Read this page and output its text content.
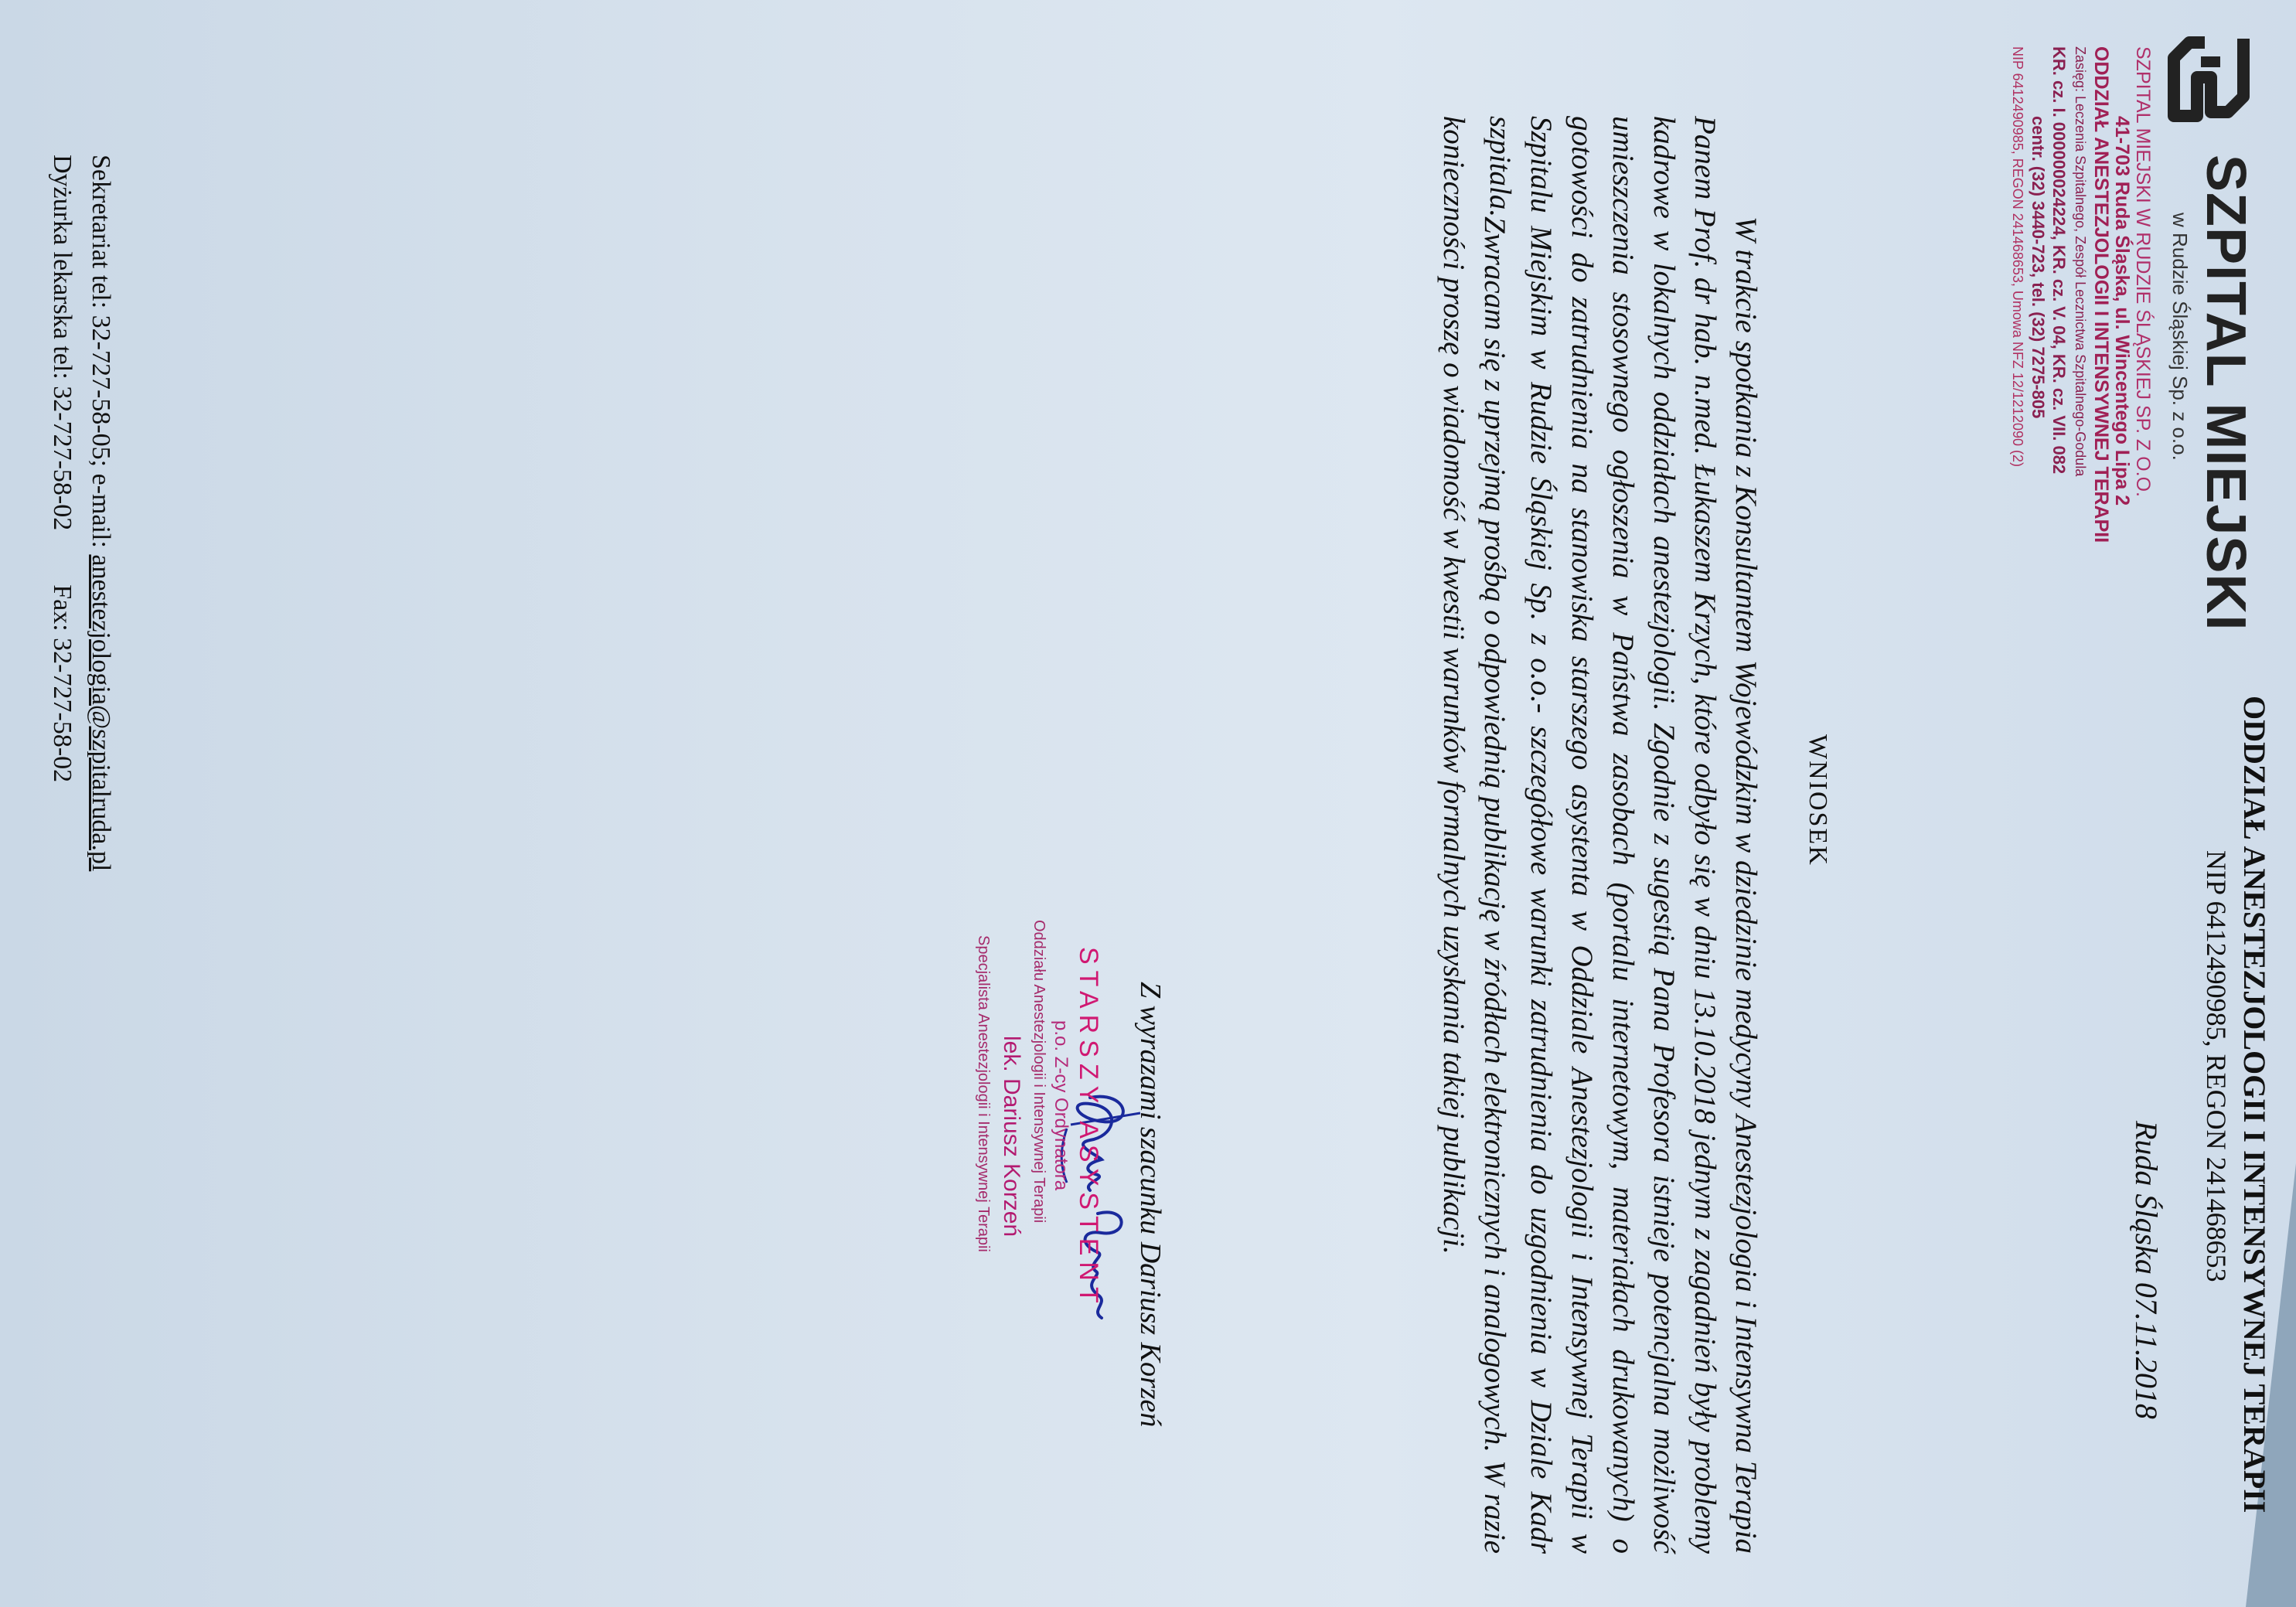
SZPITAL MIEJSKI
w Rudzie Śląskiej Sp. z o.o.
ODDZIAŁ ANESTEZJOLOGII I INTENSYWNEJ TERAPII
NIP 6412490985, REGON 241468653
SZPITAL MIEJSKI W RUDZIE ŚLĄSKIEJ SP. Z O.O.
41-703 Ruda Śląska, ul. Wincentego Lipa 2
ODDZIAŁ ANESTEZJOLOGII I INTENSYWNEJ TERAPII
Zasięg: Leczenia Szpitalnego, Zespół Lecznictwa Szpitalnego-Godula
KR. cz. I. 000000024224, KR. cz. V. 04, KR. cz. VII. 082
centr. (32) 3440-723, tel. (32) 7275-805
NIP 6412490985, REGON 241468653, Umowa NFZ 12/1212090 (2)
Ruda Śląska 07.11.2018
WNIOSEK
W trakcie spotkania z Konsultantem Wojewódzkim w dziedzinie medycyny Anestezjologia i Intensywna Terapia Panem Prof. dr hab. n.med. Łukaszem Krzych, które odbyło się w dniu 13.10.2018 jednym z zagadnień były problemy kadrowe w lokalnych oddziałach anestezjologii. Zgodnie z sugestią Pana Profesora istnieje potencjalna możliwość umieszczenia stosownego ogłoszenia w Państwa zasobach (portalu internetowym, materiałach drukowanych) o gotowości do zatrudnienia na stanowiska starszego asystenta w Oddziale Anestezjologii i Intensywnej Terapii w Szpitalu Miejskim w Rudzie Śląskiej Sp. z o.o.- szczegółowe warunki zatrudnienia do uzgodnienia w Dziale Kadr szpitala.
Zwracam się z uprzejmą prośbą o odpowiednią publikację w źródłach elektronicznych i analogowych. W razie konieczności proszę o wiadomość w kwestii warunków formalnych uzyskania takiej publikacji.
Z wyrazami szacunku Dariusz Korzeń
STARSZY ASYSTENT
p.o. Z-cy Ordynatora
Oddziału Anestezjologii i Intensywnej Terapii
lek. Dariusz Korzeń
Specjalista Anestezjologii i Intensywnej Terapii
Sekretariat tel: 32-727-58-05; e-mail: anestezjologia@szpitalruda.pl
Dyżurka lekarska tel: 32-727-58-02Fax: 32-727-58-02
